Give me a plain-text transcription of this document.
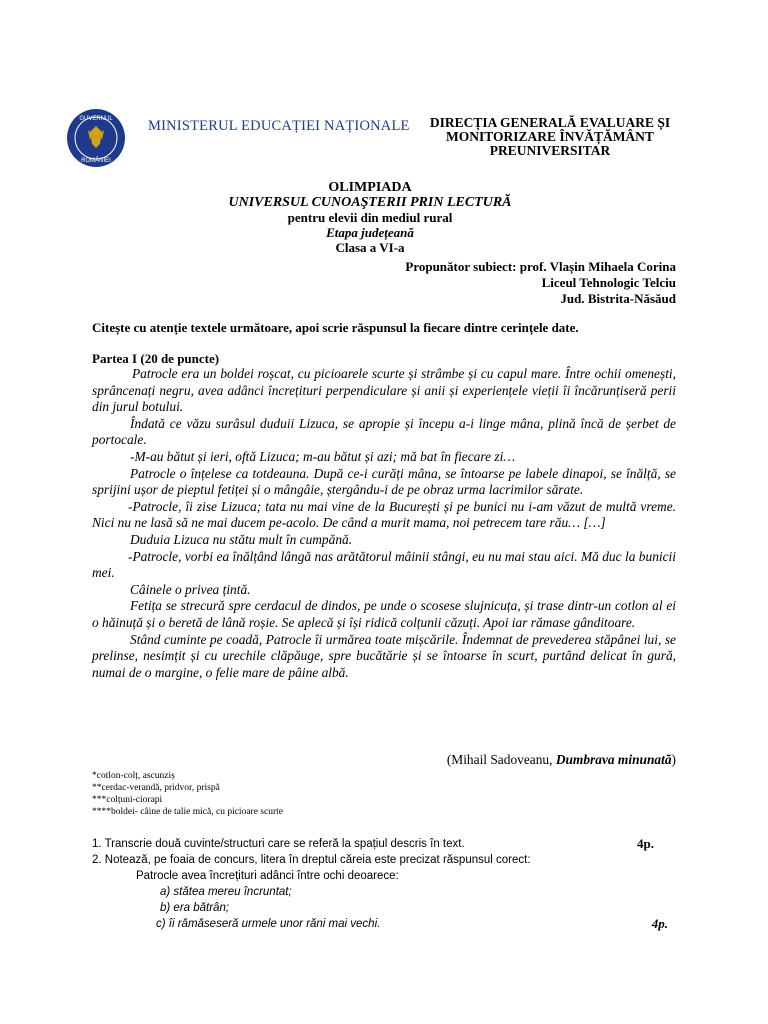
GUVERNUL
ROMÂNIEI
MINISTERUL EDUCAȚIEI NAȚIONALE	DIRECȚIA GENERALĂ EVALUARE ȘI
MONITORIZARE ÎNVĂȚĂMÂNT
PREUNIVERSITAR
OLIMPIADA
UNIVERSUL CUNOAŞTERII PRIN LECTURĂ
pentru elevii din mediul rural
Etapa județeană
Clasa a VI-a
Propunător subiect: prof. Vlașin Mihaela Corina
Liceul Tehnologic Telciu
Jud. Bistrita-Năsăud
Citește cu atenție textele următoare, apoi scrie răspunsul la fiecare dintre cerințele date.
Partea I (20 de puncte)

Patrocle era un boldei roșcat, cu picioarele scurte și strâmbe și cu capul mare. Între ochii omenești, sprâncenați negru, avea adânci încrețituri perpendiculare și anii și experiențele vieții îi încărunțiseră perii din jurul botului.

Îndată ce văzu surâsul duduii Lizuca, se apropie și începu a-i linge mâna, plină încă de șerbet de portocale.

-M-au bătut și ieri, oftă Lizuca; m-au bătut și azi; mă bat în fiecare zi…

Patrocle o înțelese ca totdeauna. După ce-i curăți mâna, se întoarse pe labele dinapoi, se înălță, se sprijini ușor de pieptul fetiței și o mângâie, ștergându-i de pe obraz urma lacrimilor sărate.

-Patrocle, îi zise Lizuca; tata nu mai vine de la București și pe bunici nu i-am văzut de multă vreme. Nici nu ne lasă să ne mai ducem pe-acolo. De când a murit mama, noi petrecem tare rău… […]

Duduia Lizuca nu stătu mult în cumpănă.

-Patrocle, vorbi ea înălțând lângă nas arătătorul mâinii stângi, eu nu mai stau aici. Mă duc la bunicii mei.

Câinele o privea țintă.

Fetița se strecură spre cerdacul de dindos, pe unde o scosese slujnicuța, și trase dintr-un cotlon al ei o hăinuță și o beretă de lână roșie. Se aplecă și își ridică colțunii căzuți. Apoi iar rămase gânditoare.

Stând cuminte pe coadă, Patrocle îi urmărea toate mișcările. Îndemnat de prevederea stăpânei lui, se prelinse, nesimțit și cu urechile clăpăuge, spre bucătărie și se întoarse în scurt, purtând delicat în gură, numai de o margine, o felie mare de pâine albă.

(Mihail Sadoveanu, Dumbrava minunată)
*cotlon-colț, ascunziș
**cerdac-verandă, pridvor, prispă
***colțuni-ciorapi
****boldei- câine de talie mică, cu picioare scurte
1. Transcrie două cuvinte/structuri care se referă la spațiul descris în text.	4p.
2. Notează, pe foaia de concurs, litera în dreptul căreia este precizat răspunsul corect:
Patrocle avea încrețituri adânci între ochi deoarece:
a) stătea mereu încruntat;
b) era bătrân;
c) îi rămăseseră urmele unor răni mai vechi.	4p.
